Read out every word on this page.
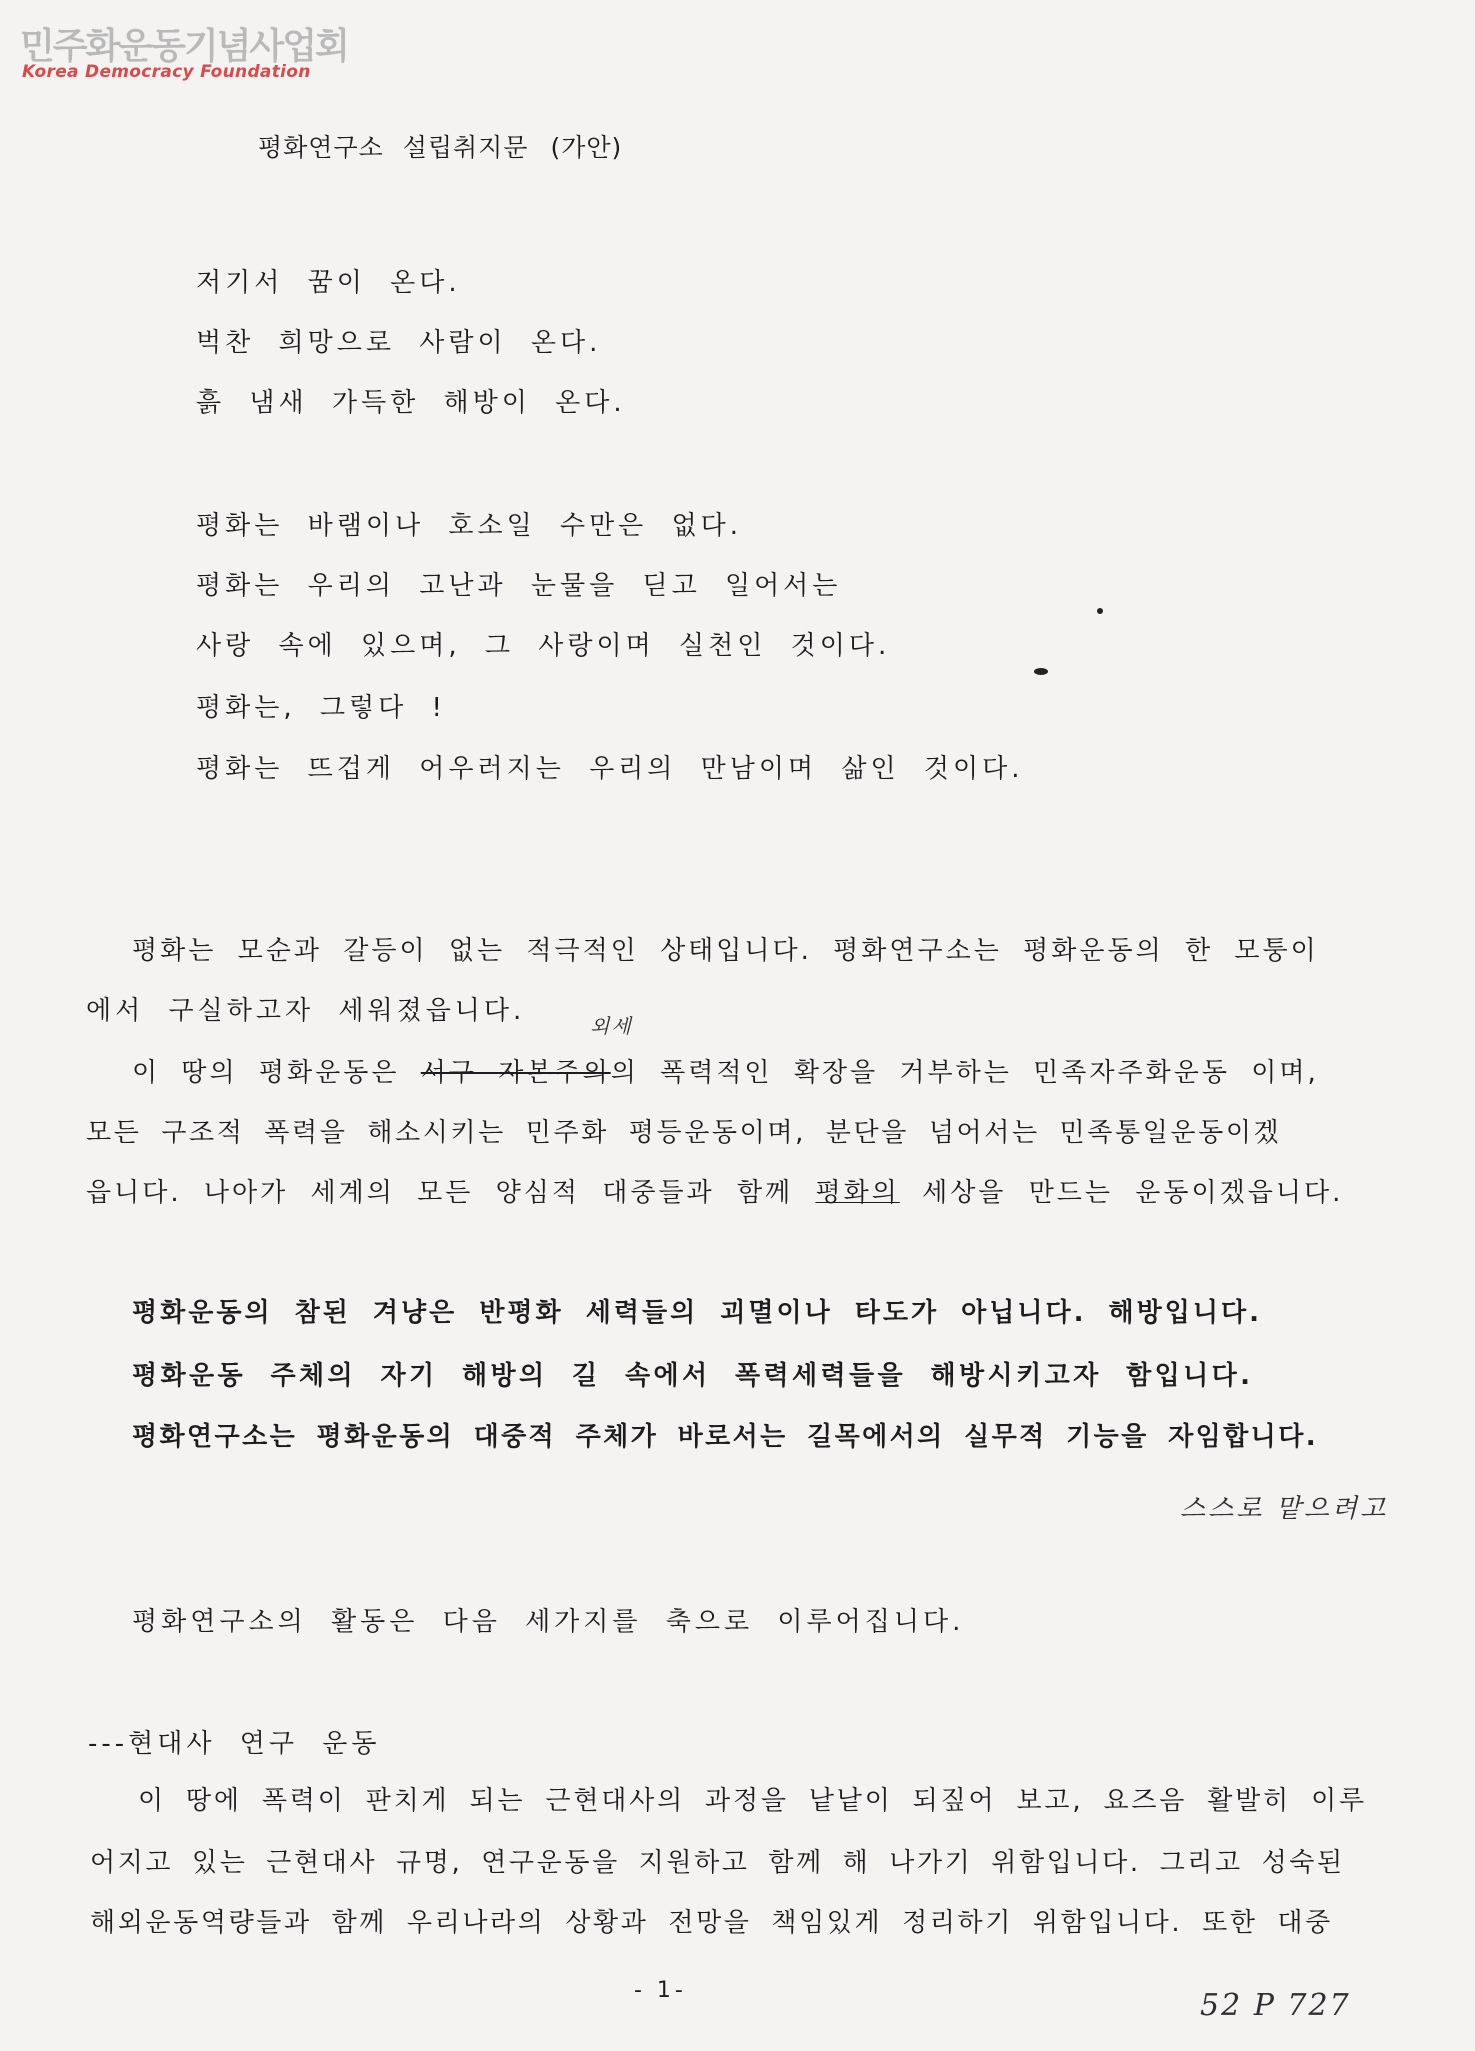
민주화운동기념사업회
Korea Democracy Foundation
평화연구소 설립취지문 (가안)
저기서 꿈이 온다.
벅찬 희망으로 사람이 온다.
흙 냄새 가득한 해방이 온다.
평화는 바램이나 호소일 수만은 없다.
평화는 우리의 고난과 눈물을 딛고 일어서는
사랑 속에 있으며, 그 사랑이며 실천인 것이다.
평화는, 그렇다 !
평화는 뜨겁게 어우러지는 우리의 만남이며 삶인 것이다.
평화는 모순과 갈등이 없는 적극적인 상태입니다. 평화연구소는 평화운동의 한 모퉁이
에서 구실하고자 세워졌읍니다.	외세
이 땅의 평화운동은 서구 자본주의의 폭력적인 확장을 거부하는 민족자주화운동 이며,
모든 구조적 폭력을 해소시키는 민주화 평등운동이며, 분단을 넘어서는 민족통일운동이겠
읍니다. 나아가 세계의 모든 양심적 대중들과 함께 평화의 세상을 만드는 운동이겠읍니다.
평화운동의 참된 겨냥은 반평화 세력들의 괴멸이나 타도가 아닙니다. 해방입니다.
평화운동 주체의 자기 해방의 길 속에서 폭력세력들을 해방시키고자 함입니다.
평화연구소는 평화운동의 대중적 주체가 바로서는 길목에서의 실무적 기능을 자임합니다.
스스로 맡으려고
평화연구소의 활동은 다음 세가지를 축으로 이루어집니다.
---현대사 연구 운동
이 땅에 폭력이 판치게 되는 근현대사의 과정을 낱낱이 되짚어 보고, 요즈음 활발히 이루
어지고 있는 근현대사 규명, 연구운동을 지원하고 함께 해 나가기 위함입니다. 그리고 성숙된
해외운동역량들과 함께 우리나라의 상황과 전망을 책임있게 정리하기 위함입니다. 또한 대중
- 1-	52 P 727
